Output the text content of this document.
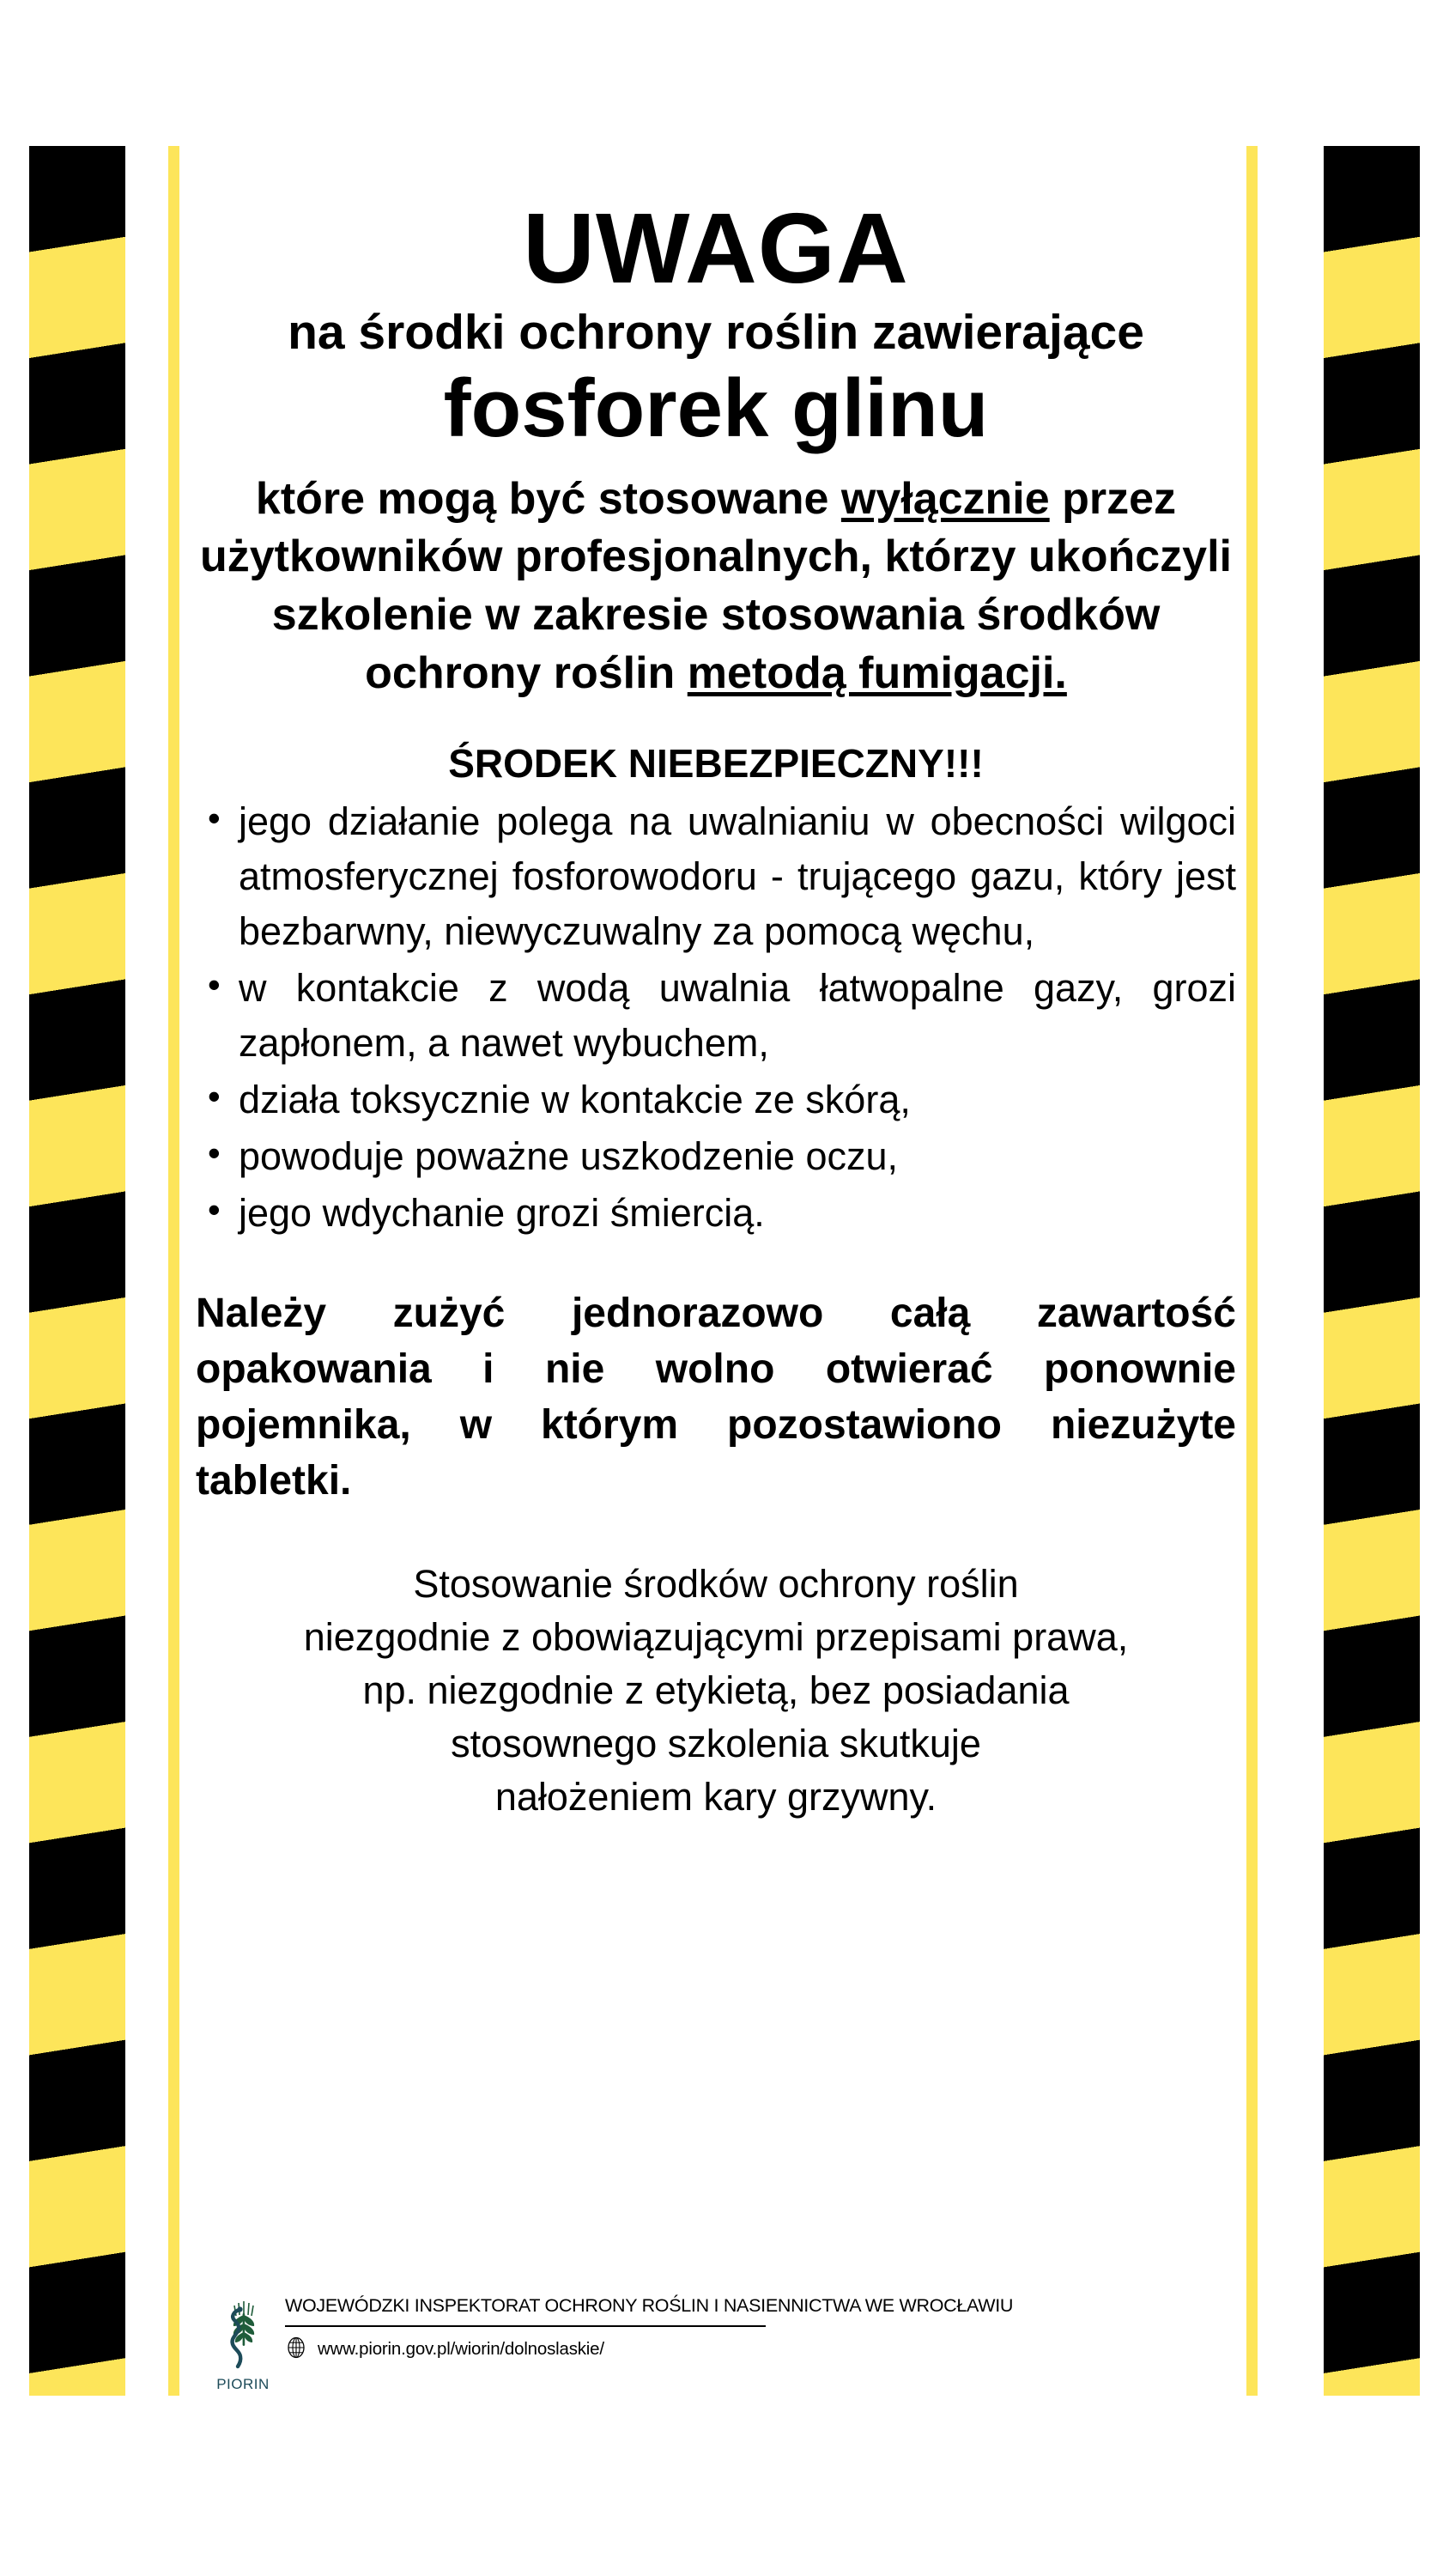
UWAGA

na środki ochrony roślin zawierające

fosforek glinu

które mogą być stosowane wyłącznie przez użytkowników profesjonalnych, którzy ukończyli szkolenie w zakresie stosowania środków ochrony roślin metodą fumigacji.

ŚRODEK NIEBEZPIECZNY!!!

• jego działanie polega na uwalnianiu w obecności wilgoci atmosferycznej fosforowodoru - trującego gazu, który jest bezbarwny, niewyczuwalny za pomocą węchu,
• w kontakcie z wodą uwalnia łatwopalne gazy, grozi zapłonem, a nawet wybuchem,
• działa toksycznie w kontakcie ze skórą,
• powoduje poważne uszkodzenie oczu,
• jego wdychanie grozi śmiercią.

Należy zużyć jednorazowo całą zawartość opakowania i nie wolno otwierać ponownie pojemnika, w którym pozostawiono niezużyte tabletki.

Stosowanie środków ochrony roślin
niezgodnie z obowiązującymi przepisami prawa,
np. niezgodnie z etykietą, bez posiadania
stosownego szkolenia skutkuje
nałożeniem kary grzywny.

PIORIN
WOJEWÓDZKI INSPEKTORAT OCHRONY ROŚLIN I NASIENNICTWA WE WROCŁAWIU
www.piorin.gov.pl/wiorin/dolnoslaskie/
